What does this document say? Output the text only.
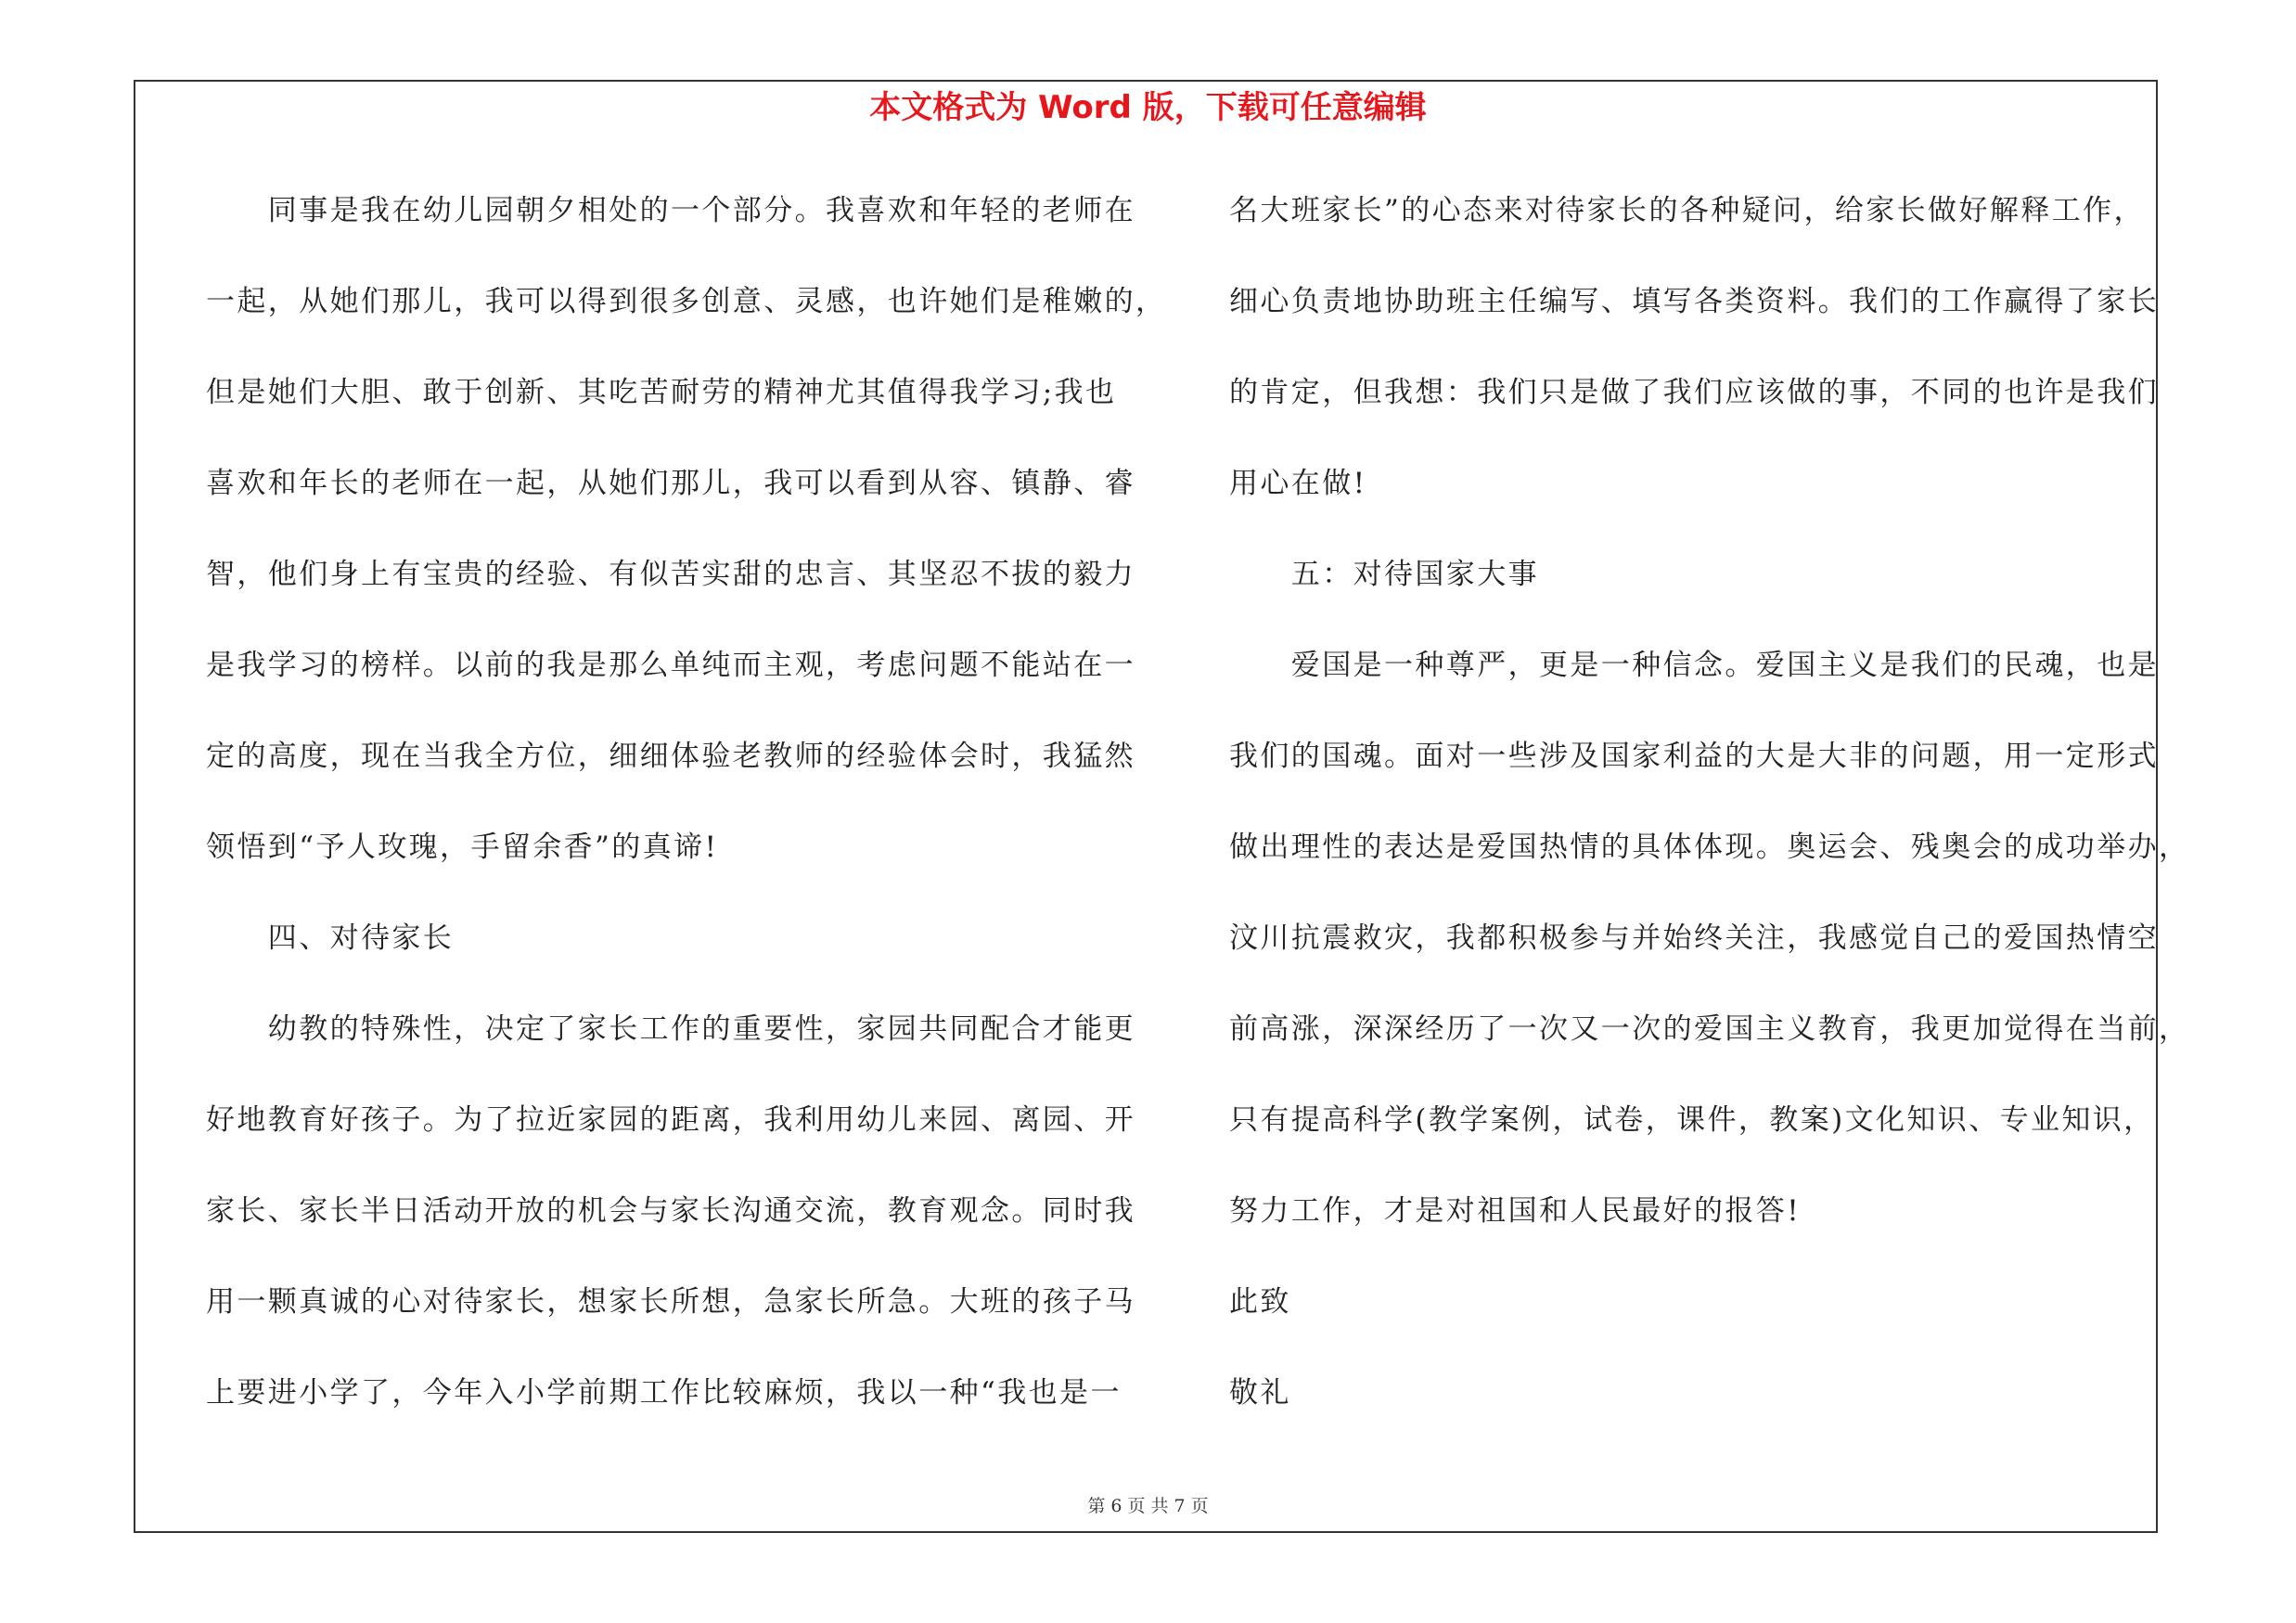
本文格式为 Word 版，下载可任意编辑
　　同事是我在幼儿园朝夕相处的一个部分。我喜欢和年轻的老师在
一起，从她们那儿，我可以得到很多创意、灵感，也许她们是稚嫩的，
但是她们大胆、敢于创新、其吃苦耐劳的精神尤其值得我学习;我也
喜欢和年长的老师在一起，从她们那儿，我可以看到从容、镇静、睿
智，他们身上有宝贵的经验、有似苦实甜的忠言、其坚忍不拔的毅力
是我学习的榜样。以前的我是那么单纯而主观，考虑问题不能站在一
定的高度，现在当我全方位，细细体验老教师的经验体会时，我猛然
领悟到“予人玫瑰，手留余香”的真谛!
　　四、对待家长
　　幼教的特殊性，决定了家长工作的重要性，家园共同配合才能更
好地教育好孩子。为了拉近家园的距离，我利用幼儿来园、离园、开
家长、家长半日活动开放的机会与家长沟通交流，教育观念。同时我
用一颗真诚的心对待家长，想家长所想，急家长所急。大班的孩子马
上要进小学了，今年入小学前期工作比较麻烦，我以一种“我也是一
名大班家长”的心态来对待家长的各种疑问，给家长做好解释工作，
细心负责地协助班主任编写、填写各类资料。我们的工作赢得了家长
的肯定，但我想：我们只是做了我们应该做的事，不同的也许是我们
用心在做!
　　五：对待国家大事
　　爱国是一种尊严，更是一种信念。爱国主义是我们的民魂，也是
我们的国魂。面对一些涉及国家利益的大是大非的问题，用一定形式
做出理性的表达是爱国热情的具体体现。奥运会、残奥会的成功举办，
汶川抗震救灾，我都积极参与并始终关注，我感觉自己的爱国热情空
前高涨，深深经历了一次又一次的爱国主义教育，我更加觉得在当前，
只有提高科学(教学案例，试卷，课件，教案)文化知识、专业知识，
努力工作，才是对祖国和人民最好的报答!
此致
敬礼
第 6 页 共 7 页
